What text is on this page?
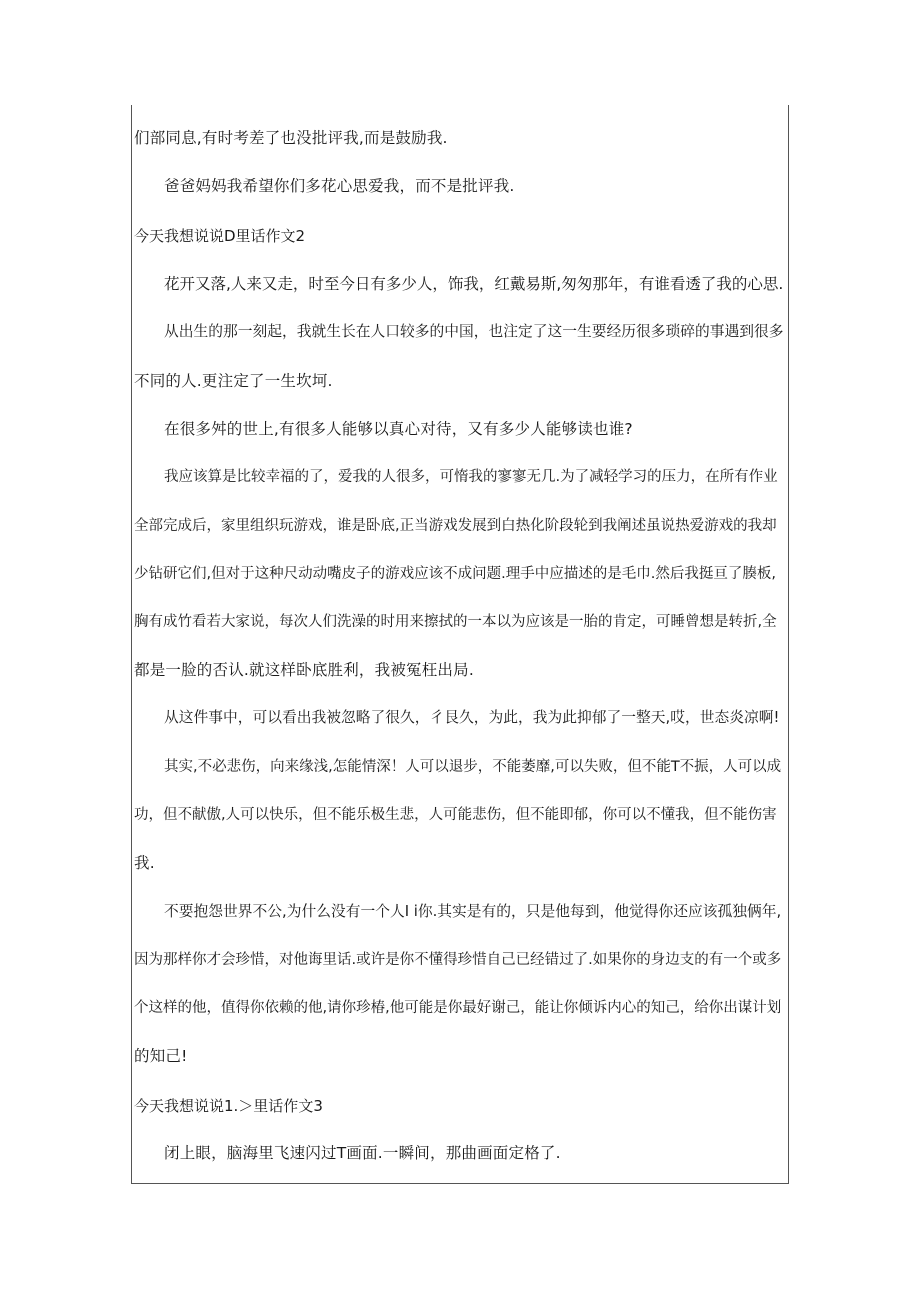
们部同息,有时考差了也没批评我,而是鼓励我.
爸爸妈妈我希望你们多花心思爱我，而不是批评我.
今天我想说说D里话作文2
花开又落,人来又走，时至今日有多少人，饰我，红戴易斯,匆匆那年，有谁看透了我的心思.
从出生的那一刻起，我就生长在人口较多的中国，也注定了这一生要经历很多琐碎的事遇到很多
不同的人.更注定了一生坎坷.
在很多舛的世上,有很多人能够以真心对待，又有多少人能够读也谁?
我应该算是比较幸福的了，爱我的人很多，可惰我的寥寥无几.为了减轻学习的压力，在所有作业
全部完成后，家里组织玩游戏，谁是卧底,正当游戏发展到白热化阶段轮到我阐述虽说热爱游戏的我却
少钻研它们,但对于这种尺动动嘴皮子的游戏应该不成问题.理手中应描述的是毛巾.然后我挺亘了腠板,
胸有成竹看若大家说，每次人们洗澡的时用来擦拭的一本以为应该是一胎的肯定，可睡曾想是转折,全
都是一脸的否认.就这样卧底胜利，我被冤枉出局.
从这件事中，可以看出我被忽略了很久，彳艮久，为此，我为此抑郁了一整天,哎，世态炎凉啊!
其实,不必悲伤，向来缘浅,怎能情深！人可以退步，不能萎靡,可以失败，但不能T不振，人可以成
功，但不献傲,人可以快乐，但不能乐极生悲，人可能悲伤，但不能即郁，你可以不懂我，但不能伤害
我.
不要抱怨世界不公,为什么没有一个人I i你.其实是有的，只是他每到，他觉得你还应该孤独俩年,
因为那样你才会珍惜，对他诲里话.或许是你不懂得珍惜自己已经错过了.如果你的身边支的有一个或多
个这样的他，值得你依赖的他,请你珍椿,他可能是你最好谢己，能让你倾诉内心的知己，给你出谋计划
的知己!
今天我想说说1.＞里话作文3
闭上眼，脑海里飞速闪过T画面.一瞬间，那曲画面定格了.
